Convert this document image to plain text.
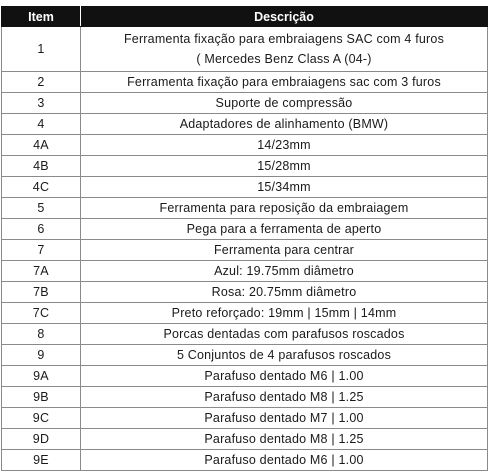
Item	Descrição
1	Ferramenta fixação para embraiagens SAC com 4 furos
( Mercedes Benz Class A (04-)

2	Ferramenta fixação para embraiagens sac com 3 furos
3	Suporte de compressão
4	Adaptadores de alinhamento (BMW)
4A	14/23mm
4B	15/28mm
4C	15/34mm
5	Ferramenta para reposição da embraiagem
6	Pega para a ferramenta de aperto
7	Ferramenta para centrar
7A	Azul: 19.75mm diâmetro
7B	Rosa: 20.75mm diâmetro
7C	Preto reforçado: 19mm | 15mm | 14mm
8	Porcas dentadas com parafusos roscados
9	5 Conjuntos de 4 parafusos roscados
9A	Parafuso dentado M6 | 1.00
9B	Parafuso dentado M8 | 1.25
9C	Parafuso dentado M7 | 1.00
9D	Parafuso dentado M8 | 1.25
9E	Parafuso dentado M6 | 1.00
